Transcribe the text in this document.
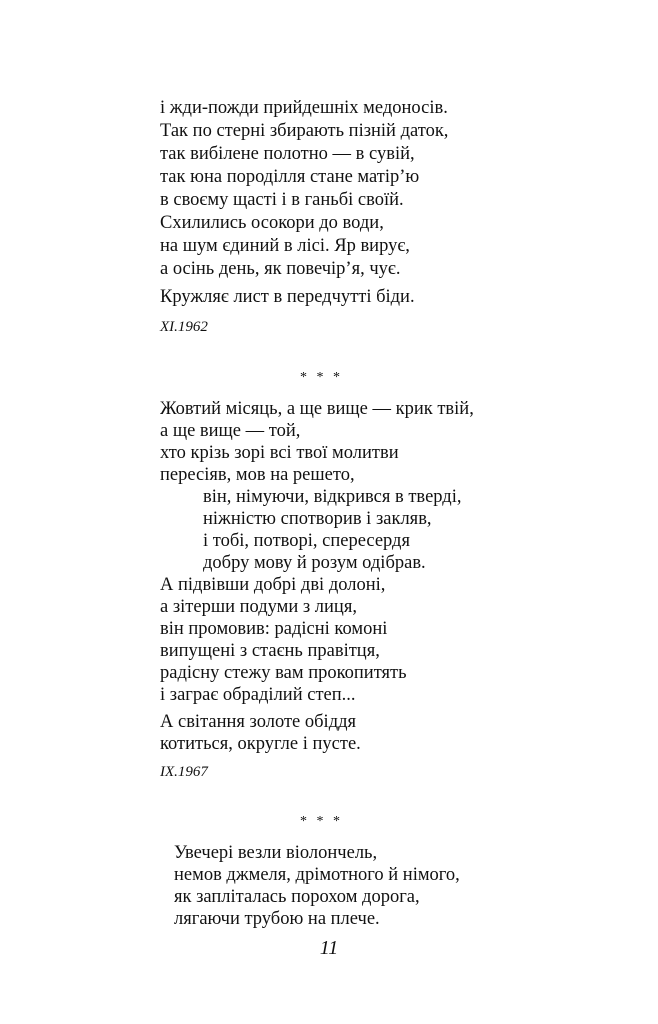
і жди-пожди прийдешніх медоносів.
Так по стерні збирають пізній даток,
так вибілене полотно — в сувій,
так юна породілля стане матір’ю
в своєму щасті і в ганьбі своїй.
Схилились осокори до води,
на шум єдиний в лісі. Яр вирує,
а осінь день, як повечір’я, чує.
Кружляє лист в передчутті біди.
XI.1962
* * *
Жовтий місяць, а ще вище — крик твій,
а ще вище — той,
хто крізь зорі всі твої молитви
пересіяв, мов на решето,
він, німуючи, відкрився в тверді,
ніжністю спотворив і закляв,
і тобі, потворі, спересердя
добру мову й розум одібрав.
А підвівши добрі дві долоні,
а зітерши подуми з лиця,
він промовив: радісні комоні
випущені з стаєнь правітця,
радісну стежу вам прокопитять
і заграє обраділий степ...
А світання золоте обіддя
котиться, округле і пусте.
IX.1967
* * *
Увечері везли віолончель,
немов джмеля, дрімотного й німого,
як запліталась порохом дорога,
лягаючи трубою на плече.
11
